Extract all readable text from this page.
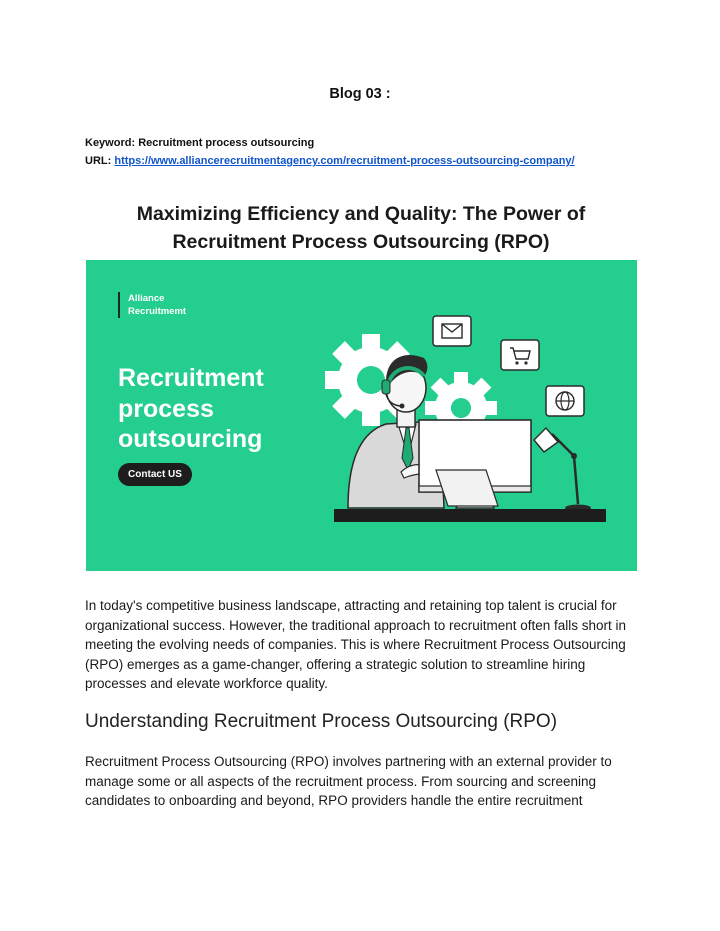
Blog 03 :
Keyword: Recruitment process outsourcing
URL: https://www.alliancerecruitmentagency.com/recruitment-process-outsourcing-company/
Maximizing Efficiency and Quality: The Power of
Recruitment Process Outsourcing (RPO)
Alliance
Recruitmemt
Recruitment
process
outsourcing
Contact US
In today's competitive business landscape, attracting and retaining top talent is crucial for organizational success. However, the traditional approach to recruitment often falls short in meeting the evolving needs of companies. This is where Recruitment Process Outsourcing (RPO) emerges as a game-changer, offering a strategic solution to streamline hiring processes and elevate workforce quality.
Understanding Recruitment Process Outsourcing (RPO)
Recruitment Process Outsourcing (RPO) involves partnering with an external provider to manage some or all aspects of the recruitment process. From sourcing and screening candidates to onboarding and beyond, RPO providers handle the entire recruitment
